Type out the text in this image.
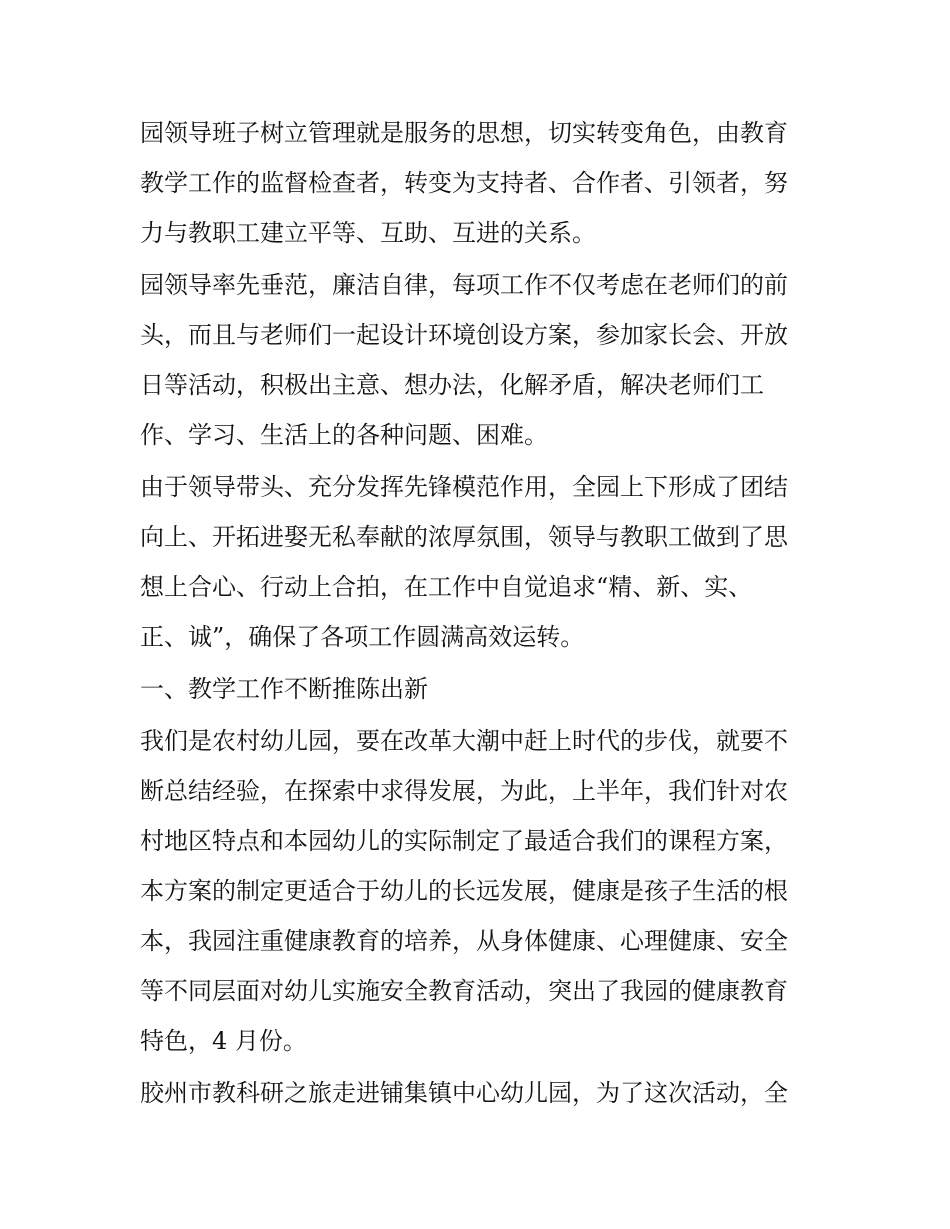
园领导班子树立管理就是服务的思想，切实转变角色，由教育

教学工作的监督检查者，转变为支持者、合作者、引领者，努

力与教职工建立平等、互助、互进的关系。

园领导率先垂范，廉洁自律，每项工作不仅考虑在老师们的前

头，而且与老师们一起设计环境创设方案，参加家长会、开放

日等活动，积极出主意、想办法，化解矛盾，解决老师们工

作、学习、生活上的各种问题、困难。

由于领导带头、充分发挥先锋模范作用，全园上下形成了团结

向上、开拓进娶无私奉献的浓厚氛围，领导与教职工做到了思

想上合心、行动上合拍，在工作中自觉追求“精、新、实、

正、诚”，确保了各项工作圆满高效运转。

一、教学工作不断推陈出新

我们是农村幼儿园，要在改革大潮中赶上时代的步伐，就要不

断总结经验，在探索中求得发展，为此，上半年，我们针对农

村地区特点和本园幼儿的实际制定了最适合我们的课程方案，

本方案的制定更适合于幼儿的长远发展，健康是孩子生活的根

本，我园注重健康教育的培养，从身体健康、心理健康、安全

等不同层面对幼儿实施安全教育活动，突出了我园的健康教育

特色，4 月份。

胶州市教科研之旅走进铺集镇中心幼儿园，为了这次活动，全
